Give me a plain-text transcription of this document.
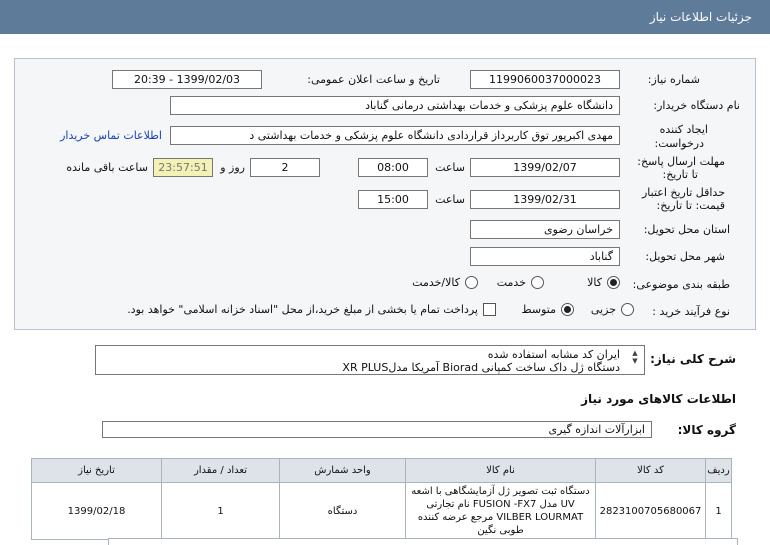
جزئیات اطلاعات نیاز
شماره نیاز:
1199060037000023
تاریخ و ساعت اعلان عمومی:
1399/02/03 - 20:39
نام دستگاه خریدار:
دانشگاه علوم پزشکی و خدمات بهداشتی درمانی گناباد
ایجاد کننده
درخواست:
مهدی اکبرپور توق کاربرداز قراردادی دانشگاه علوم پزشکی و خدمات بهداشتی د
اطلاعات تماس خریدار
مهلت ارسال پاسخ:
تا تاریخ:
1399/02/07
ساعت
08:00
2
روز و
23:57:51
ساعت باقی مانده
حداقل تاریخ اعتبار
قیمت: تا تاریخ:
1399/02/31
ساعت
15:00
استان محل تحویل:
خراسان رضوی
شهر محل تحویل:
گناباد
طبقه بندی موضوعی:
کالا
خدمت
کالا/خدمت
نوع فرآیند خرید :
جزیی
متوسط
پرداخت تمام یا بخشی از مبلغ خرید،از محل "اسناد خزانه اسلامی" خواهد بود.
شرح کلی نیاز:
ایران کد مشابه استفاده شده
دستگاه ژل داک ساخت کمپانی Biorad آمریکا مدلXR PLUS
▲
▼
اطلاعات کالاهای مورد نیاز
گروه کالا:
ابزارآلات اندازه گیری
ردیف	کد کالا	نام کالا	واحد شمارش	تعداد / مقدار	تاریخ نیاز
1	2823100705680067	دستگاه ثبت تصویر ژل آزمایشگاهی با اشعه UV مدل FUSION -FX7 نام تجارتی VILBER LOURMAT مرجع عرضه کننده طوبی نگین	دستگاه	1	1399/02/18
